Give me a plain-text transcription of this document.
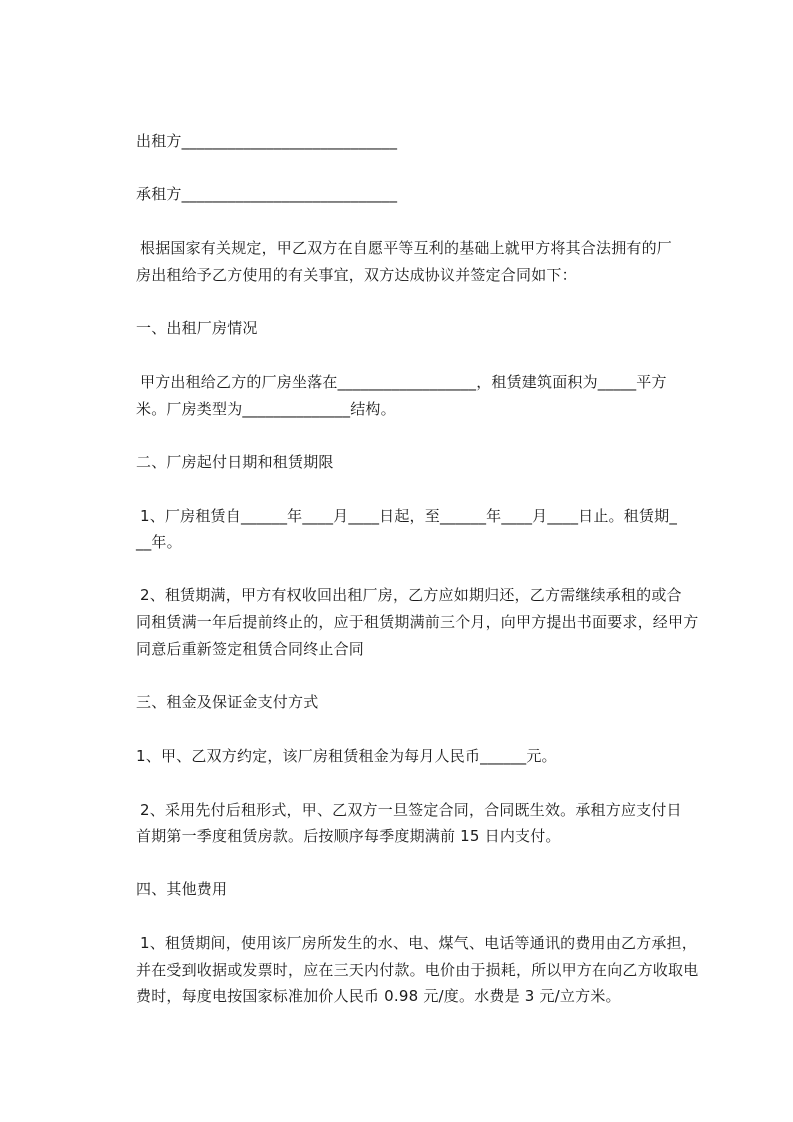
出租方____________________________
承租方____________________________
根据国家有关规定，甲乙双方在自愿平等互利的基础上就甲方将其合法拥有的厂
房出租给予乙方使用的有关事宜，双方达成协议并签定合同如下：
一、出租厂房情况
甲方出租给乙方的厂房坐落在__________________，租赁建筑面积为_____平方
米。厂房类型为______________结构。
二、厂房起付日期和租赁期限
1、厂房租赁自______年____月____日起，至______年____月____日止。租赁期_
__年。
2、租赁期满，甲方有权收回出租厂房，乙方应如期归还，乙方需继续承租的或合
同租赁满一年后提前终止的，应于租赁期满前三个月，向甲方提出书面要求，经甲方
同意后重新签定租赁合同终止合同
三、租金及保证金支付方式
1、甲、乙双方约定，该厂房租赁租金为每月人民币______元。
2、采用先付后租形式，甲、乙双方一旦签定合同，合同既生效。承租方应支付日
首期第一季度租赁房款。后按顺序每季度期满前 15 日内支付。
四、其他费用
1、租赁期间，使用该厂房所发生的水、电、煤气、电话等通讯的费用由乙方承担，
并在受到收据或发票时，应在三天内付款。电价由于损耗，所以甲方在向乙方收取电
费时，每度电按国家标准加价人民币 0.98 元/度。水费是 3 元/立方米。
